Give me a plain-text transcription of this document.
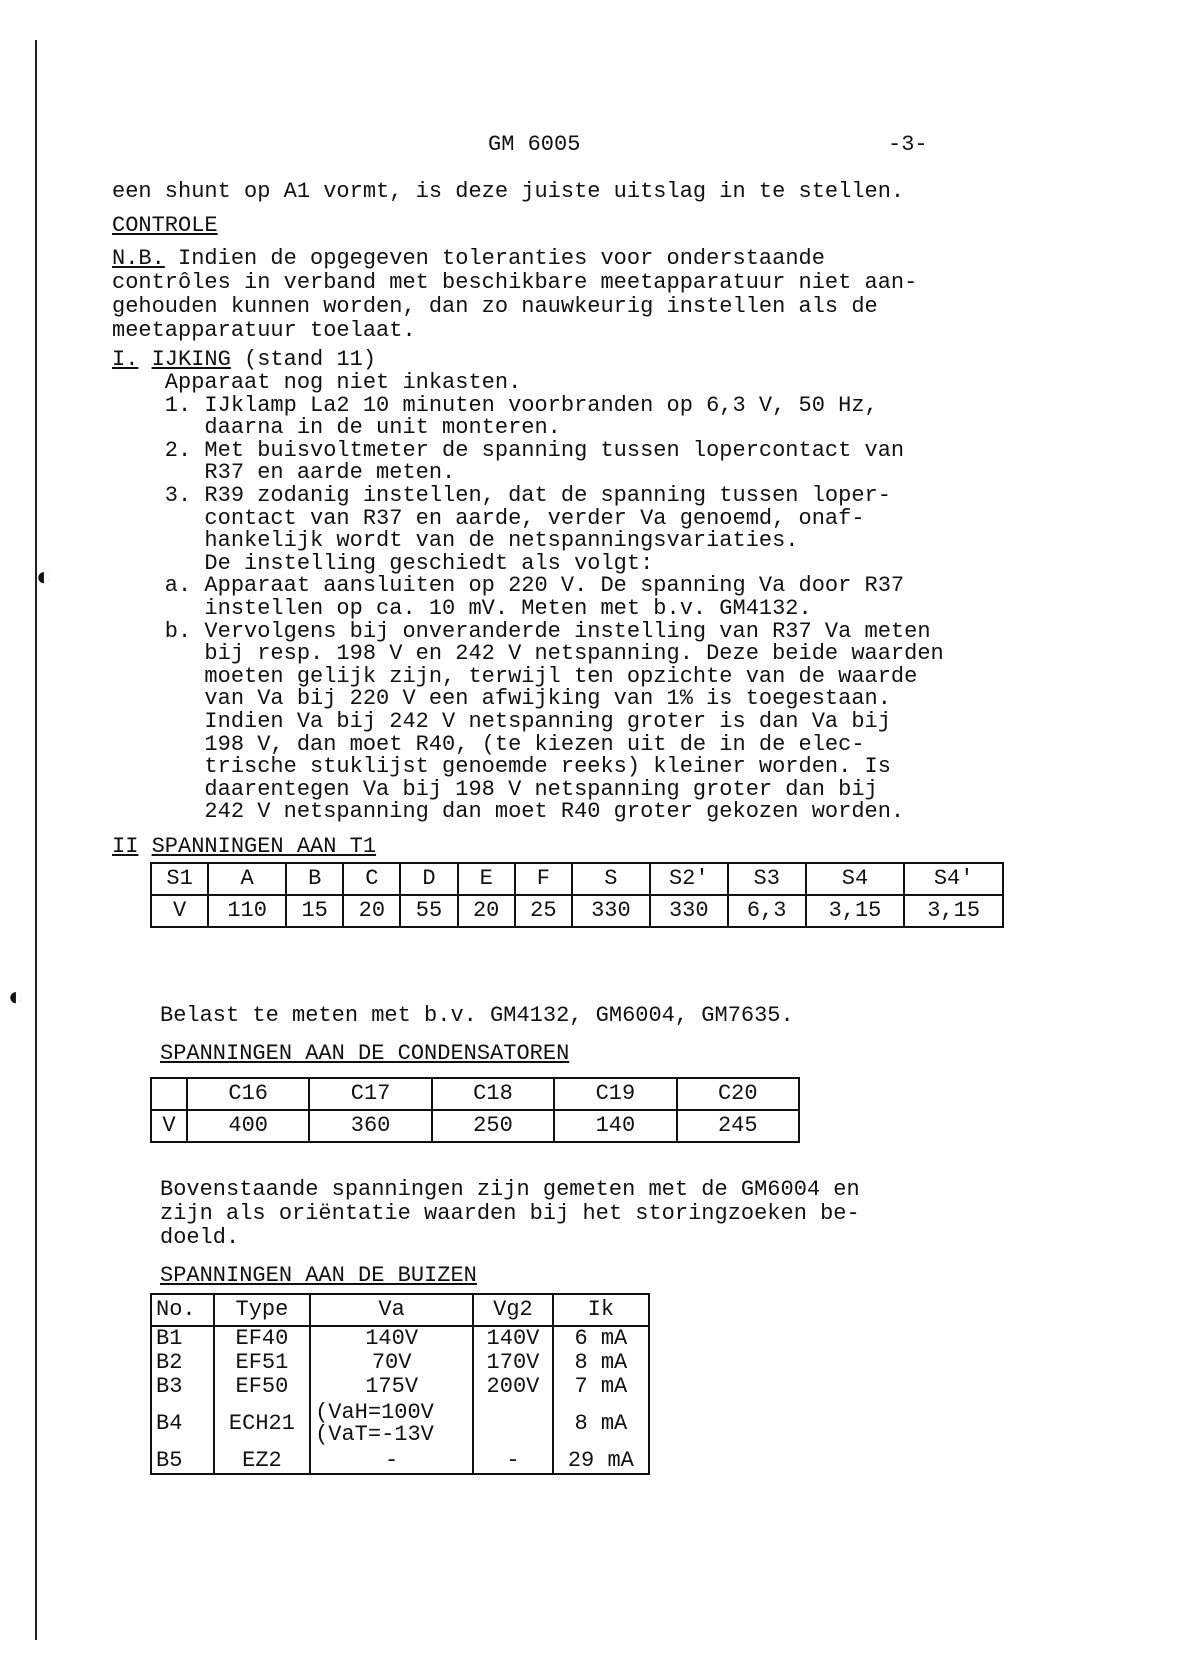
◐
◐
GM 6005	-3-
een shunt op A1 vormt, is deze juiste uitslag in te stellen.
CONTROLE
N.B. Indien de opgegeven toleranties voor onderstaande
contrôles in verband met beschikbare meetapparatuur niet aan-
gehouden kunnen worden, dan zo nauwkeurig instellen als de
meetapparatuur toelaat.
I. IJKING (stand 11)
Apparaat nog niet inkasten.
1. IJklamp La2 10 minuten voorbranden op 6,3 V, 50 Hz,
daarna in de unit monteren.
2. Met buisvoltmeter de spanning tussen lopercontact van
R37 en aarde meten.
3. R39 zodanig instellen, dat de spanning tussen loper-
contact van R37 en aarde, verder Va genoemd, onaf-
hankelijk wordt van de netspanningsvariaties.
De instelling geschiedt als volgt:
a. Apparaat aansluiten op 220 V. De spanning Va door R37
instellen op ca. 10 mV. Meten met b.v. GM4132.
b. Vervolgens bij onveranderde instelling van R37 Va meten
bij resp. 198 V en 242 V netspanning. Deze beide waarden
moeten gelijk zijn, terwijl ten opzichte van de waarde
van Va bij 220 V een afwijking van 1% is toegestaan.
Indien Va bij 242 V netspanning groter is dan Va bij
198 V, dan moet R40, (te kiezen uit de in de elec-
trische stuklijst genoemde reeks) kleiner worden. Is
daarentegen Va bij 198 V netspanning groter dan bij
242 V netspanning dan moet R40 groter gekozen worden.
II SPANNINGEN AAN T1
S1	A	B	C	D	E	F	S	S2'	S3	S4	S4'
V	110	15	20	55	20	25	330	330	6,3	3,15	3,15
Belast te meten met b.v. GM4132, GM6004, GM7635.
SPANNINGEN AAN DE CONDENSATOREN
	C16	C17	C18	C19	C20
V	400	360	250	140	245
Bovenstaande spanningen zijn gemeten met de GM6004 en
zijn als oriëntatie waarden bij het storingzoeken be-
doeld.
SPANNINGEN AAN DE BUIZEN
No.	Type	Va	Vg2	Ik
B1	EF40	140V	140V	6 mA
B2	EF51	70V	170V	8 mA
B3	EF50	175V	200V	7 mA
B4	ECH21	(VaH=100V
(VaT=-13V		8 mA
B5	EZ2	-	-	29 mA
